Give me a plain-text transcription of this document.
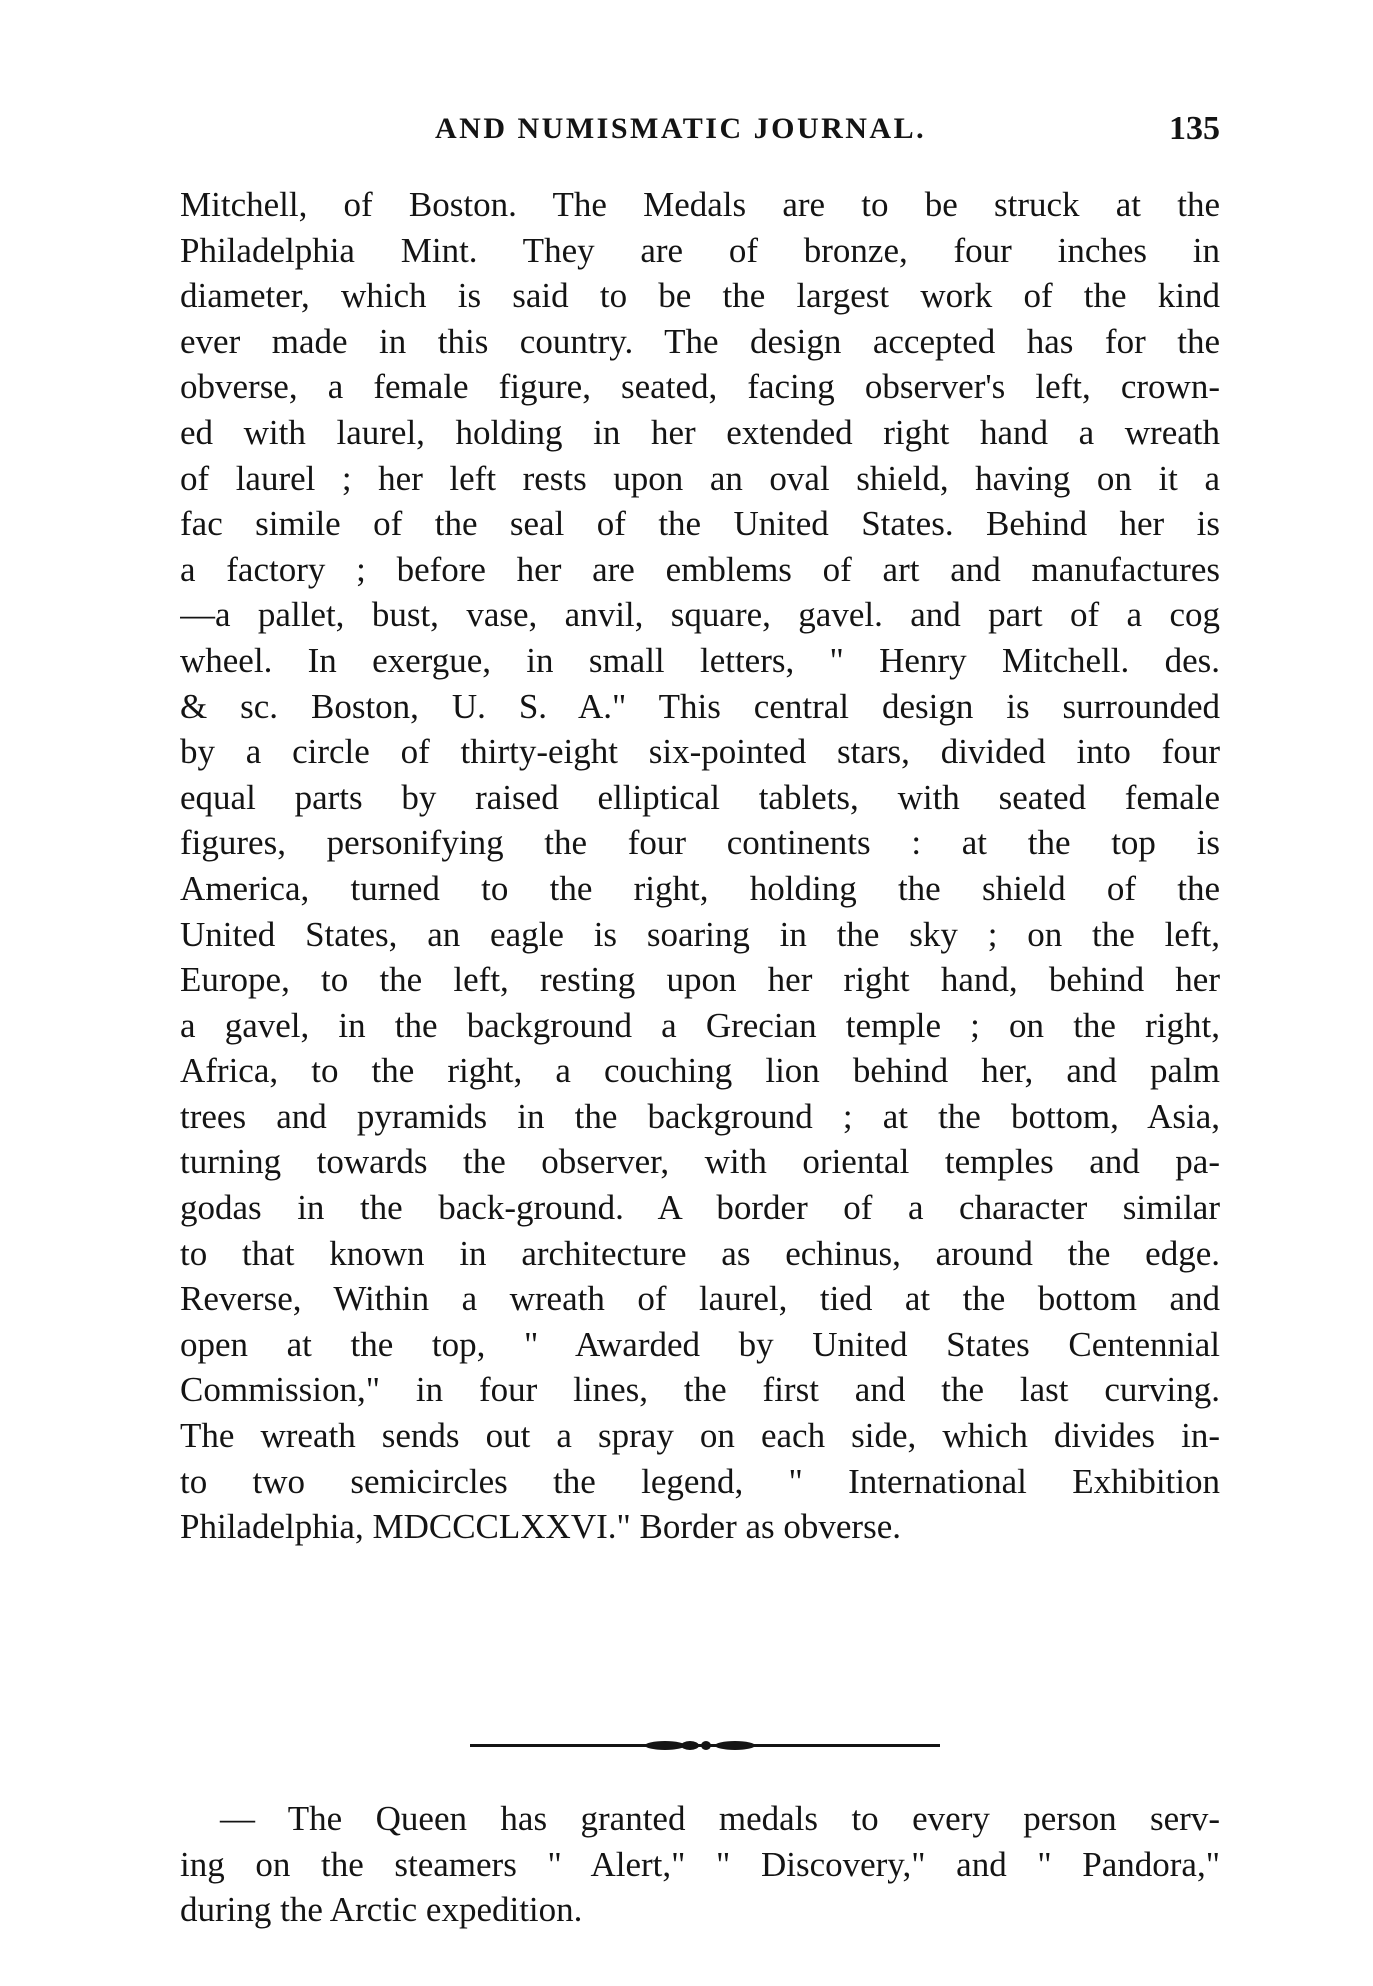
AND NUMISMATIC JOURNAL.	135
Mitchell, of Boston. The Medals are to be struck at the
Philadelphia Mint. They are of bronze, four inches in
diameter, which is said to be the largest work of the kind
ever made in this country. The design accepted has for the
obverse, a female figure, seated, facing observer's left, crown-
ed with laurel, holding in her extended right hand a wreath
of laurel ; her left rests upon an oval shield, having on it a
fac simile of the seal of the United States. Behind her is
a factory ; before her are emblems of art and manufactures
—a pallet, bust, vase, anvil, square, gavel. and part of a cog
wheel. In exergue, in small letters, " Henry Mitchell. des.
& sc. Boston, U. S. A." This central design is surrounded
by a circle of thirty-eight six-pointed stars, divided into four
equal parts by raised elliptical tablets, with seated female
figures, personifying the four continents : at the top is
America, turned to the right, holding the shield of the
United States, an eagle is soaring in the sky ; on the left,
Europe, to the left, resting upon her right hand, behind her
a gavel, in the background a Grecian temple ; on the right,
Africa, to the right, a couching lion behind her, and palm
trees and pyramids in the background ; at the bottom, Asia,
turning towards the observer, with oriental temples and pa-
godas in the back-ground. A border of a character similar
to that known in architecture as echinus, around the edge.
Reverse, Within a wreath of laurel, tied at the bottom and
open at the top, " Awarded by United States Centennial
Commission," in four lines, the first and the last curving.
The wreath sends out a spray on each side, which divides in-
to two semicircles the legend, " International Exhibition
Philadelphia, MDCCCLXXVI." Border as obverse.
— The Queen has granted medals to every person serv-
ing on the steamers " Alert," " Discovery," and " Pandora,"
during the Arctic expedition.
